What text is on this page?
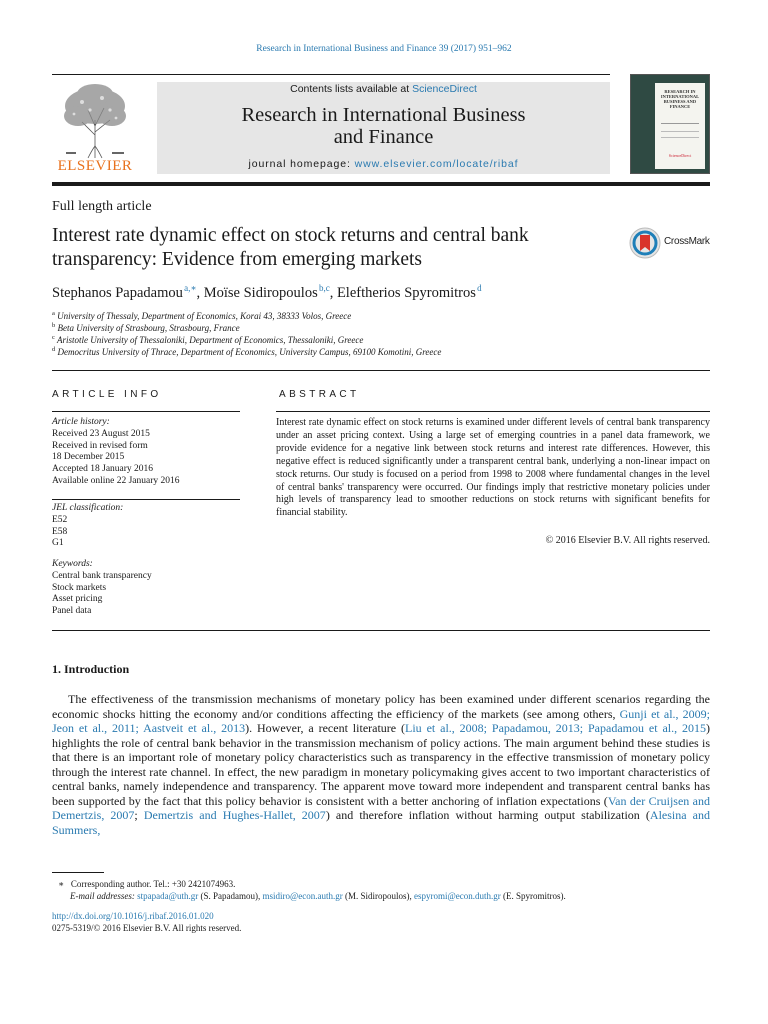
Research in International Business and Finance 39 (2017) 951–962
ELSEVIER
Contents lists available at ScienceDirect
Research in International Business
and Finance
journal homepage: www.elsevier.com/locate/ribaf
RESEARCH IN INTERNATIONAL BUSINESS AND FINANCE
ScienceDirect
Full length article
Interest rate dynamic effect on stock returns and central bank
transparency: Evidence from emerging markets
CrossMark
Stephanos Papadamou $^{a,∗}$, Moïse Sidiropoulos $^{b,c}$, Eleftherios Spyromitros $^d$
$^a$ University of Thessaly, Department of Economics, Korai 43, 38333 Volos, Greece
$^b$ Beta University of Strasbourg, Strasbourg, France
$^c$ Aristotle University of Thessaloniki, Department of Economics, Thessaloniki, Greece
$^d$ Democritus University of Thrace, Department of Economics, University Campus, 69100 Komotini, Greece
ARTICLE INFO
Article history:
Received 23 August 2015
Received in revised form
18 December 2015
Accepted 18 January 2016
Available online 22 January 2016
JEL classification:
E52
E58
G1
Keywords:
Central bank transparency
Stock markets
Asset pricing
Panel data
ABSTRACT
Interest rate dynamic effect on stock returns is examined under different levels of central bank transparency under an asset pricing context. Using a large set of emerging countries in a panel data framework, we provide evidence for a negative link between stock returns and interest rate differences. However, this negative effect is reduced significantly under a transparent central bank, underlying a non-linear impact on stock returns. Our study is focused on a period from 1998 to 2008 where fundamental changes in the level of central banks' transparency were occurred. Our findings imply that restrictive monetary policies under high levels of transparency lead to smoother reductions on stock returns with significant benefits for financial stability.
© 2016 Elsevier B.V. All rights reserved.
1. Introduction
The effectiveness of the transmission mechanisms of monetary policy has been examined under different scenarios regarding the economic shocks hitting the economy and/or conditions affecting the efficiency of the markets (see among others, Gunji et al., 2009; Jeon et al., 2011; Aastveit et al., 2013). However, a recent literature (Liu et al., 2008; Papadamou, 2013; Papadamou et al., 2015) highlights the role of central bank behavior in the transmission mechanism of policy actions. The main argument behind these studies is that there is an important role of monetary policy characteristics such as transparency in the effective transmission of monetary policy through the interest rate channel. In effect, the new paradigm in monetary policymaking gives accent to two important characteristics of central banks, namely independence and transparency. The apparent move toward more independent and transparent central banks has been supported by the fact that this policy behavior is consistent with a better anchoring of inflation expectations (Van der Cruijsen and Demertzis, 2007; Demertzis and Hughes-Hallet, 2007) and therefore inflation without harming output stabilization (Alesina and Summers,
∗ Corresponding author. Tel.: +30 2421074963.
E-mail addresses: stpapada@uth.gr (S. Papadamou), msidiro@econ.auth.gr (M. Sidiropoulos), espyromi@econ.duth.gr (E. Spyromitros).
http://dx.doi.org/10.1016/j.ribaf.2016.01.020
0275-5319/© 2016 Elsevier B.V. All rights reserved.
